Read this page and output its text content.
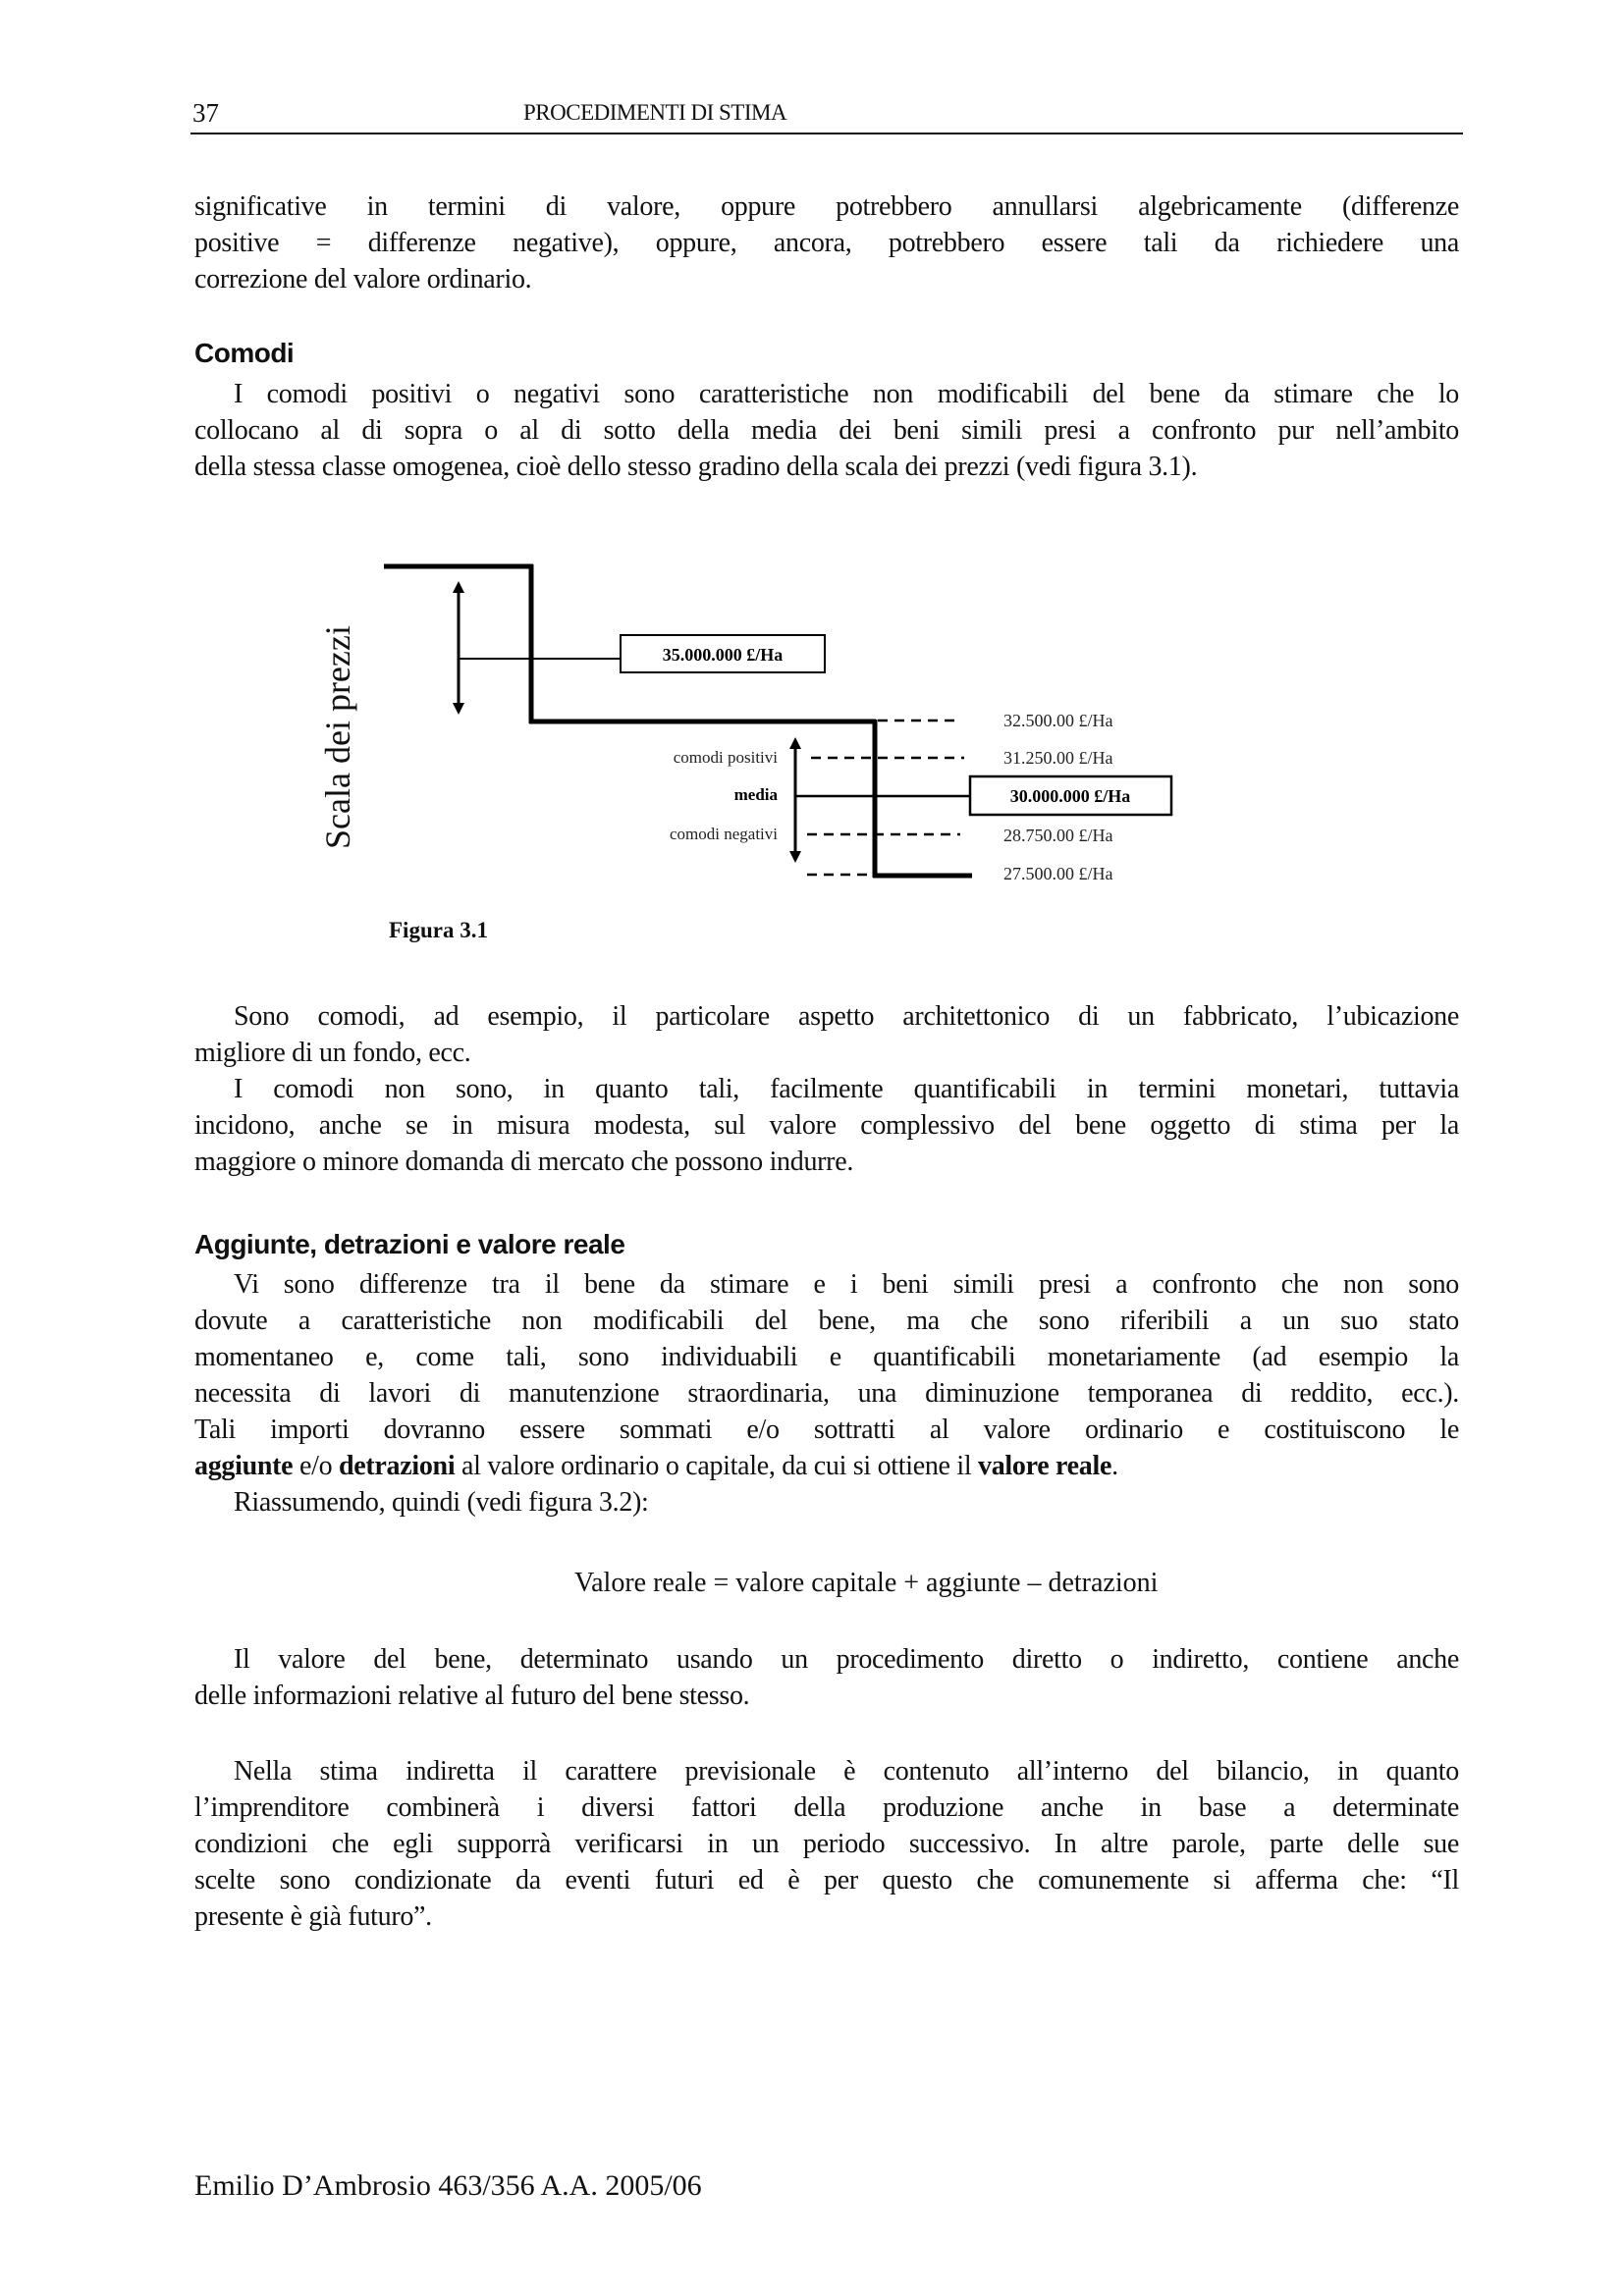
37	PROCEDIMENTI DI STIMA
significative in termini di valore, oppure potrebbero annullarsi algebricamente (differenze
positive = differenze negative), oppure, ancora, potrebbero essere tali da richiedere una
correzione del valore ordinario.
Comodi
I comodi positivi o negativi sono caratteristiche non modificabili del bene da stimare che lo
collocano al di sopra o al di sotto della media dei beni simili presi a confronto pur nell’ambito
della stessa classe omogenea, cioè dello stesso gradino della scala dei prezzi (vedi figura 3.1).
Scala dei prezzi	35.000.000 £/Ha
comodi positivi
media
comodi negativi
32.500.00 £/Ha
31.250.00 £/Ha
30.000.000 £/Ha
28.750.00 £/Ha
27.500.00 £/Ha
Figura 3.1
Sono comodi, ad esempio, il particolare aspetto architettonico di un fabbricato, l’ubicazione
migliore di un fondo, ecc.
I comodi non sono, in quanto tali, facilmente quantificabili in termini monetari, tuttavia
incidono, anche se in misura modesta, sul valore complessivo del bene oggetto di stima per la
maggiore o minore domanda di mercato che possono indurre.
Aggiunte, detrazioni e valore reale
Vi sono differenze tra il bene da stimare e i beni simili presi a confronto che non sono
dovute a caratteristiche non modificabili del bene, ma che sono riferibili a un suo stato
momentaneo e, come tali, sono individuabili e quantificabili monetariamente (ad esempio la
necessita di lavori di manutenzione straordinaria, una diminuzione temporanea di reddito, ecc.).
Tali importi dovranno essere sommati e/o sottratti al valore ordinario e costituiscono le
aggiunte e/o detrazioni al valore ordinario o capitale, da cui si ottiene il valore reale.
Riassumendo, quindi (vedi figura 3.2):
Valore reale = valore capitale + aggiunte – detrazioni
Il valore del bene, determinato usando un procedimento diretto o indiretto, contiene anche
delle informazioni relative al futuro del bene stesso.
Nella stima indiretta il carattere previsionale è contenuto all’interno del bilancio, in quanto
l’imprenditore combinerà i diversi fattori della produzione anche in base a determinate
condizioni che egli supporrà verificarsi in un periodo successivo. In altre parole, parte delle sue
scelte sono condizionate da eventi futuri ed è per questo che comunemente si afferma che: “Il
presente è già futuro”.
Emilio D’Ambrosio 463/356 A.A. 2005/06
